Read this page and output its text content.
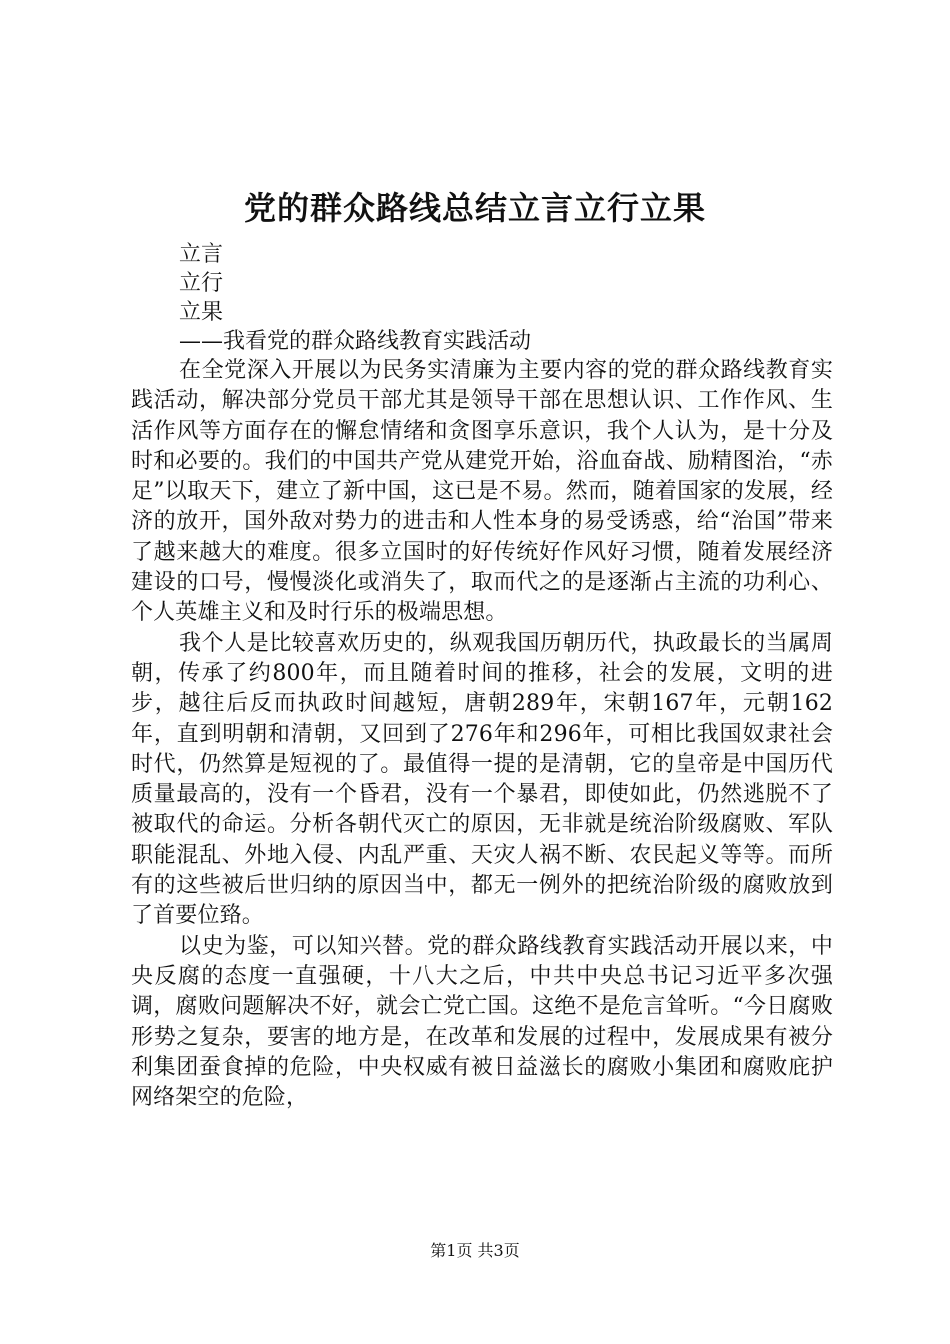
党的群众路线总结立言立行立果

立言

立行

立果

——我看党的群众路线教育实践活动

在全党深入开展以为民务实清廉为主要内容的党的群众路线教育实践活动，解决部分党员干部尤其是领导干部在思想认识、工作作风、生活作风等方面存在的懈怠情绪和贪图享乐意识，我个人认为，是十分及时和必要的。我们的中国共产党从建党开始，浴血奋战、励精图治，“赤足”以取天下，建立了新中国，这已是不易。然而，随着国家的发展，经济的放开，国外敌对势力的进击和人性本身的易受诱惑，给“治国”带来了越来越大的难度。很多立国时的好传统好作风好习惯，随着发展经济建设的口号，慢慢淡化或消失了，取而代之的是逐渐占主流的功利心、个人英雄主义和及时行乐的极端思想。

我个人是比较喜欢历史的，纵观我国历朝历代，执政最长的当属周朝，传承了约800年，而且随着时间的推移，社会的发展，文明的进步，越往后反而执政时间越短，唐朝289年，宋朝167年，元朝162年，直到明朝和清朝，又回到了276年和296年，可相比我国奴隶社会时代，仍然算是短视的了。最值得一提的是清朝，它的皇帝是中国历代质量最高的，没有一个昏君，没有一个暴君，即使如此，仍然逃脱不了被取代的命运。分析各朝代灭亡的原因，无非就是统治阶级腐败、军队职能混乱、外地入侵、内乱严重、天灾人祸不断、农民起义等等。而所有的这些被后世归纳的原因当中，都无一例外的把统治阶级的腐败放到了首要位臵。

以史为鉴，可以知兴替。党的群众路线教育实践活动开展以来，中央反腐的态度一直强硬，十八大之后，中共中央总书记习近平多次强调，腐败问题解决不好，就会亡党亡国。这绝不是危言耸听。“今日腐败形势之复杂，要害的地方是，在改革和发展的过程中，发展成果有被分利集团蚕食掉的危险，中央权威有被日益滋长的腐败小集团和腐败庇护网络架空的危险，

第1页 共3页
